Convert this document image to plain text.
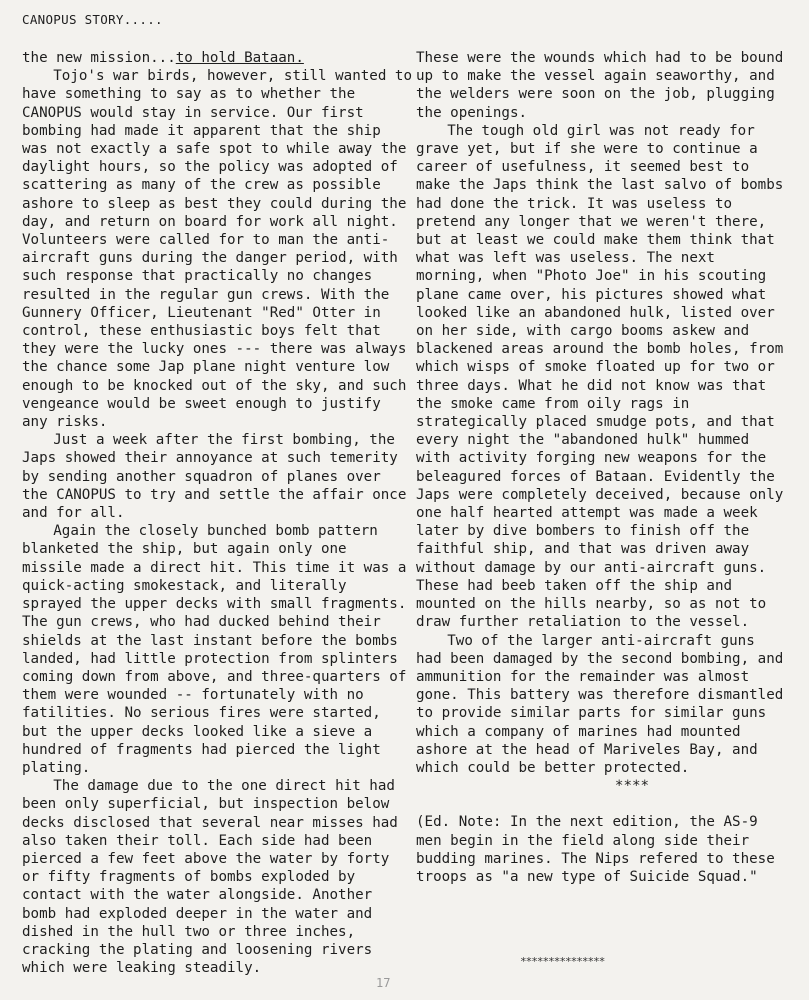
CANOPUS STORY.....

the new mission...to hold Bataan.

Tojo's war birds, however, still wanted to have something to say as to whether the CANOPUS would stay in service. Our first bombing had made it apparent that the ship was not exactly a safe spot to while away the daylight hours, so the policy was adopted of scattering as many of the crew as possible ashore to sleep as best they could during the day, and return on board for work all night. Volunteers were called for to man the anti-aircraft guns during the danger period, with such response that practically no changes resulted in the regular gun crews. With the Gunnery Officer, Lieutenant "Red" Otter in control, these enthusiastic boys felt that they were the lucky ones --- there was always the chance some Jap plane night venture low enough to be knocked out of the sky, and such vengeance would be sweet enough to justify any risks.

Just a week after the first bombing, the Japs showed their annoyance at such temerity by sending another squadron of planes over the CANOPUS to try and settle the affair once and for all.

Again the closely bunched bomb pattern blanketed the ship, but again only one missile made a direct hit. This time it was a quick-acting smokestack, and literally sprayed the upper decks with small fragments. The gun crews, who had ducked behind their shields at the last instant before the bombs landed, had little protection from splinters coming down from above, and three-quarters of them were wounded -- fortunately with no fatilities. No serious fires were started, but the upper decks looked like a sieve a hundred of fragments had pierced the light plating.

The damage due to the one direct hit had been only superficial, but inspection below decks disclosed that several near misses had also taken their toll. Each side had been pierced a few feet above the water by forty or fifty fragments of bombs exploded by contact with the water alongside. Another bomb had exploded deeper in the water and dished in the hull two or three inches, cracking the plating and loosening rivers which were leaking steadily.

These were the wounds which had to be bound up to make the vessel again seaworthy, and the welders were soon on the job, plugging the openings.

The tough old girl was not ready for grave yet, but if she were to continue a career of usefulness, it seemed best to make the Japs think the last salvo of bombs had done the trick. It was useless to pretend any longer that we weren't there, but at least we could make them think that what was left was useless. The next morning, when "Photo Joe" in his scouting plane came over, his pictures showed what looked like an abandoned hulk, listed over on her side, with cargo booms askew and blackened areas around the bomb holes, from which wisps of smoke floated up for two or three days. What he did not know was that the smoke came from oily rags in strategically placed smudge pots, and that every night the "abandoned hulk" hummed with activity forging new weapons for the beleagured forces of Bataan. Evidently the Japs were completely deceived, because only one half hearted attempt was made a week later by dive bombers to finish off the faithful ship, and that was driven away without damage by our anti-aircraft guns. These had beeb taken off the ship and mounted on the hills nearby, so as not to draw further retaliation to the vessel.

Two of the larger anti-aircraft guns had been damaged by the second bombing, and ammunition for the remainder was almost gone. This battery was therefore dismantled to provide similar parts for similar guns which a company of marines had mounted ashore at the head of Mariveles Bay, and which could be better protected.

****

(Ed. Note: In the next edition, the AS-9 men begin in the field along side their budding marines. The Nips refered to these troops as "a new type of Suicide Squad."

***************
17
